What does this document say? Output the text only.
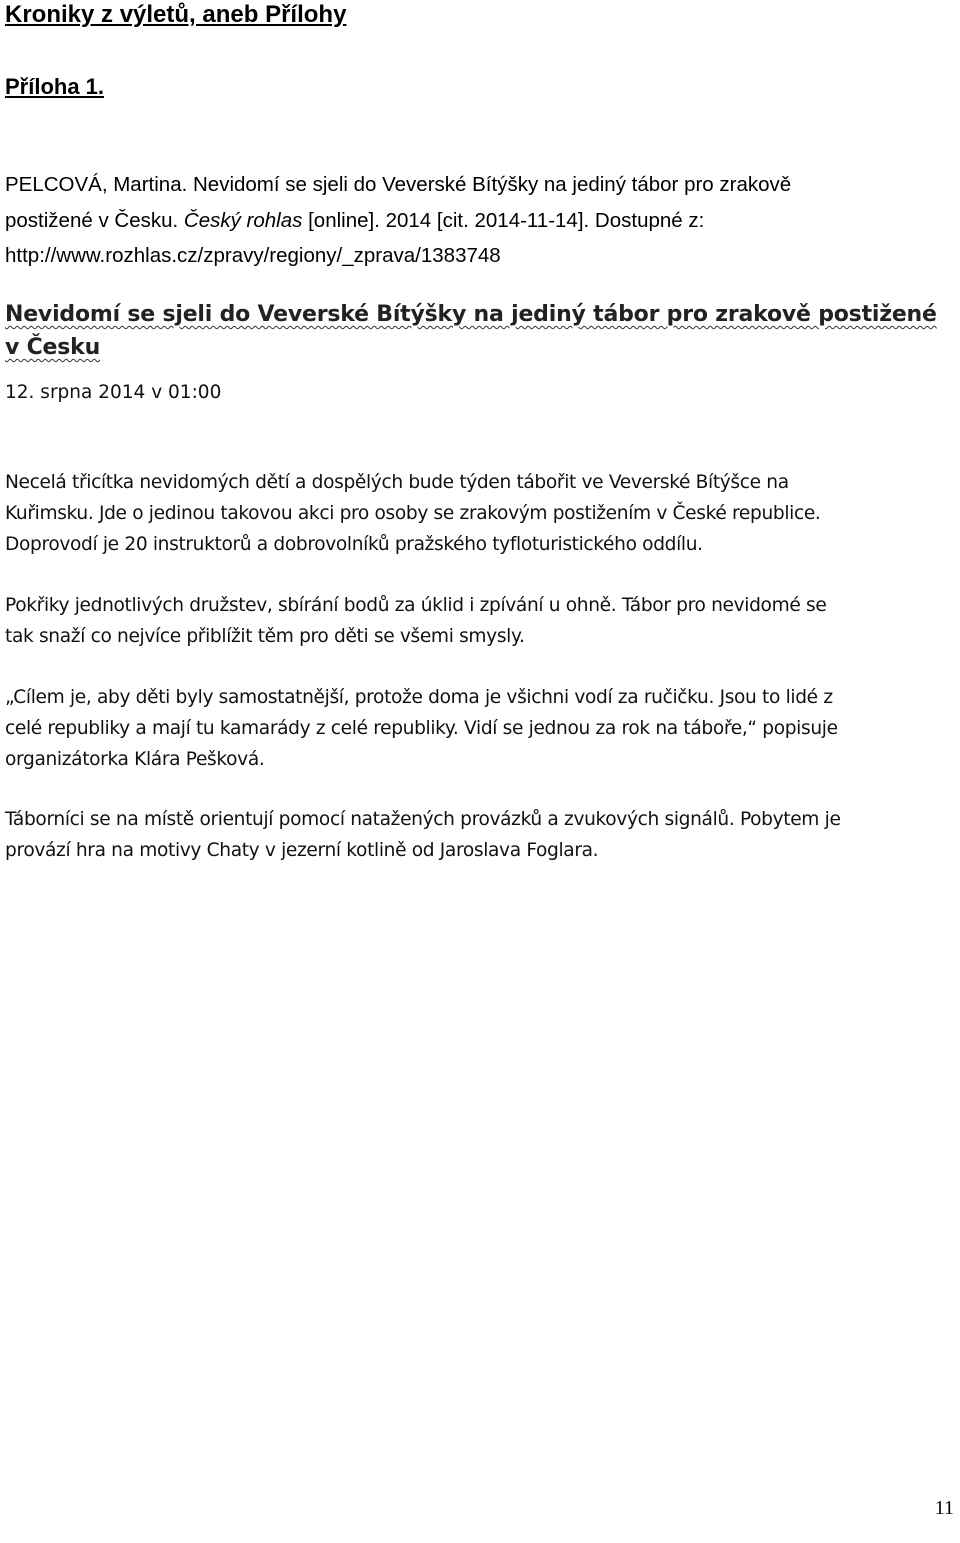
Kroniky z výletů, aneb Přílohy
Příloha 1.
PELCOVÁ, Martina. Nevidomí se sjeli do Veverské Bítýšky na jediný tábor pro zrakově
postižené v Česku. Český rohlas [online]. 2014 [cit. 2014-11-14]. Dostupné z:
http://www.rozhlas.cz/zpravy/regiony/_zprava/1383748
Nevidomí se sjeli do Veverské Bítýšky na jediný tábor pro zrakově postižené v Česku
12. srpna 2014 v 01:00
Necelá třicítka nevidomých dětí a dospělých bude týden tábořit ve Veverské Bítýšce na
Kuřimsku. Jde o jedinou takovou akci pro osoby se zrakovým postižením v České republice.
Doprovodí je 20 instruktorů a dobrovolníků pražského tyfloturistického oddílu.
Pokřiky jednotlivých družstev, sbírání bodů za úklid i zpívání u ohně. Tábor pro nevidomé se
tak snaží co nejvíce přiblížit těm pro děti se všemi smysly.
„Cílem je, aby děti byly samostatnější, protože doma je všichni vodí za ručičku. Jsou to lidé z
celé republiky a mají tu kamarády z celé republiky. Vidí se jednou za rok na táboře,“ popisuje
organizátorka Klára Pešková.
Táborníci se na místě orientují pomocí natažených provázků a zvukových signálů. Pobytem je
provází hra na motivy Chaty v jezerní kotlině od Jaroslava Foglara.
11
